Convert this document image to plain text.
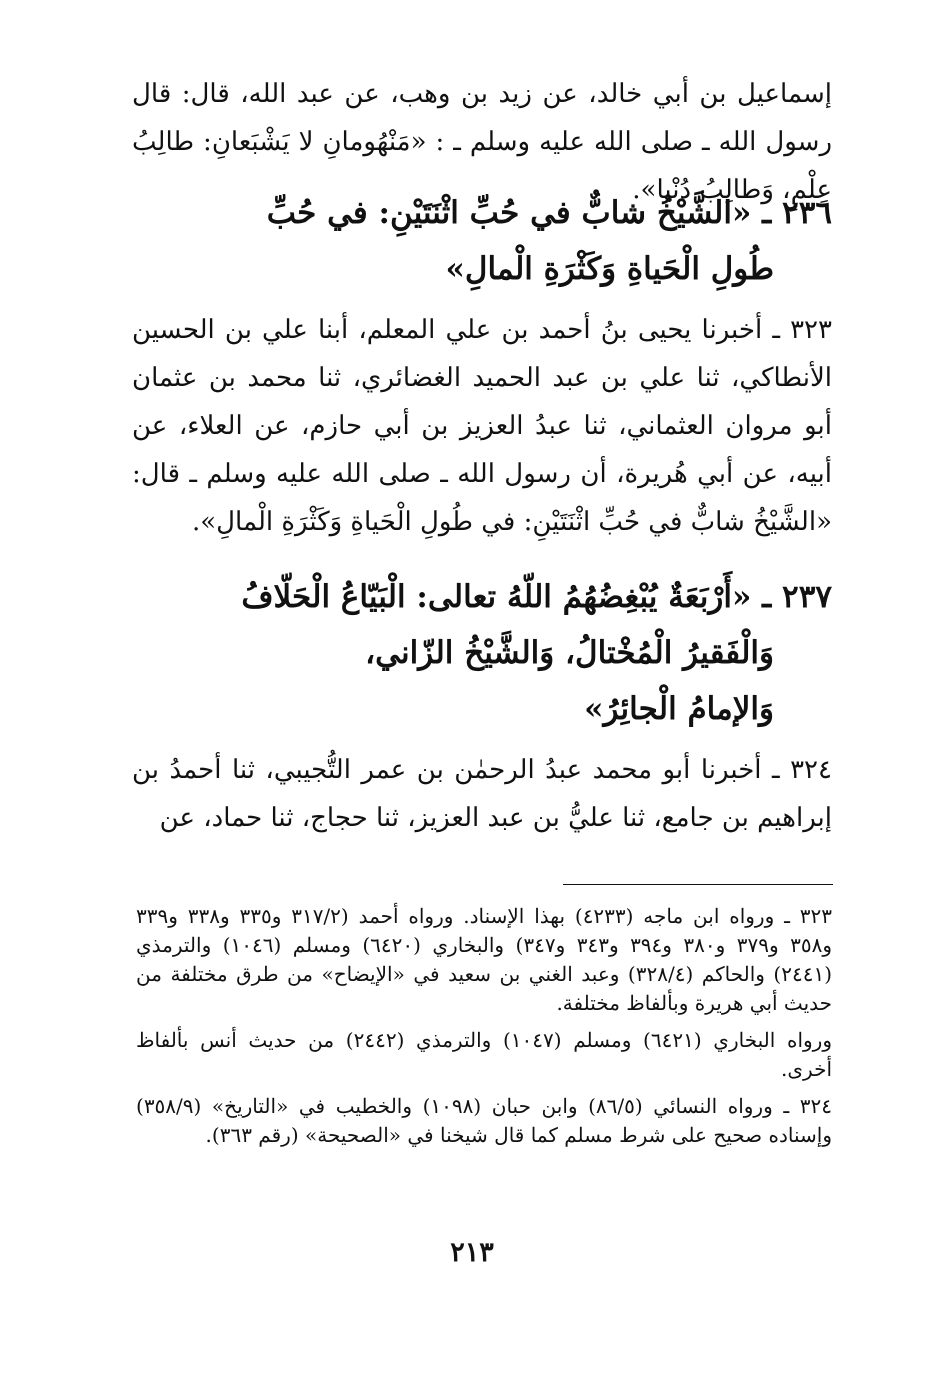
إسماعيل بن أبي خالد، عن زيد بن وهب، عن عبد الله، قال: قال رسول الله ـ صلى الله عليه وسلم ـ : «مَنْهُومانِ لا يَشْبَعانِ: طالِبُ عِلْمٍ، وَطالِبُ دُنْيا».

٢٣٦ ـ «الشَّيْخُ شابٌّ في حُبِّ اثْنَتَيْنِ: في حُبِّ
طُولِ الْحَياةِ وَكَثْرَةِ الْمالِ»

٣٢٣ ـ أخبرنا يحيى بنُ أحمد بن علي المعلم، أبنا علي بن الحسين الأنطاكي، ثنا علي بن عبد الحميد الغضائري، ثنا محمد بن عثمان أبو مروان العثماني، ثنا عبدُ العزيز بن أبي حازم، عن العلاء، عن أبيه، عن أبي هُريرة، أن رسول الله ـ صلى الله عليه وسلم ـ قال: «الشَّيْخُ شابٌّ في حُبِّ اثْنَتَيْنِ: في طُولِ الْحَياةِ وَكَثْرَةِ الْمالِ».

٢٣٧ ـ «أَرْبَعَةٌ يُبْغِضُهُمُ اللّهُ تعالى: الْبَيّاعُ الْحَلّافُ
وَالْفَقيرُ الْمُخْتالُ، وَالشَّيْخُ الزّاني،
وَالإمامُ الْجائِرُ»

٣٢٤ ـ أخبرنا أبو محمد عبدُ الرحمٰن بن عمر التُّجيبي، ثنا أحمدُ بن إبراهيم بن جامع، ثنا عليُّ بن عبد العزيز، ثنا حجاج، ثنا حماد، عن

٣٢٣ ـ ورواه ابن ماجه (٤٢٣٣) بهذا الإسناد. ورواه أحمد (٣١٧/٢ و٣٣٥ و٣٣٨ و٣٣٩ و٣٥٨ و٣٧٩ و٣٨٠ و٣٩٤ و٣٤٣ و٣٤٧) والبخاري (٦٤٢٠) ومسلم (١٠٤٦) والترمذي (٢٤٤١) والحاكم (٣٢٨/٤) وعبد الغني بن سعيد في «الإيضاح» من طرق مختلفة من حديث أبي هريرة وبألفاظ مختلفة.

ورواه البخاري (٦٤٢١) ومسلم (١٠٤٧) والترمذي (٢٤٤٢) من حديث أنس بألفاظ أخرى.

٣٢٤ ـ ورواه النسائي (٨٦/٥) وابن حبان (١٠٩٨) والخطيب في «التاريخ» (٣٥٨/٩) وإسناده صحيح على شرط مسلم كما قال شيخنا في «الصحيحة» (رقم ٣٦٣).

٢١٣
